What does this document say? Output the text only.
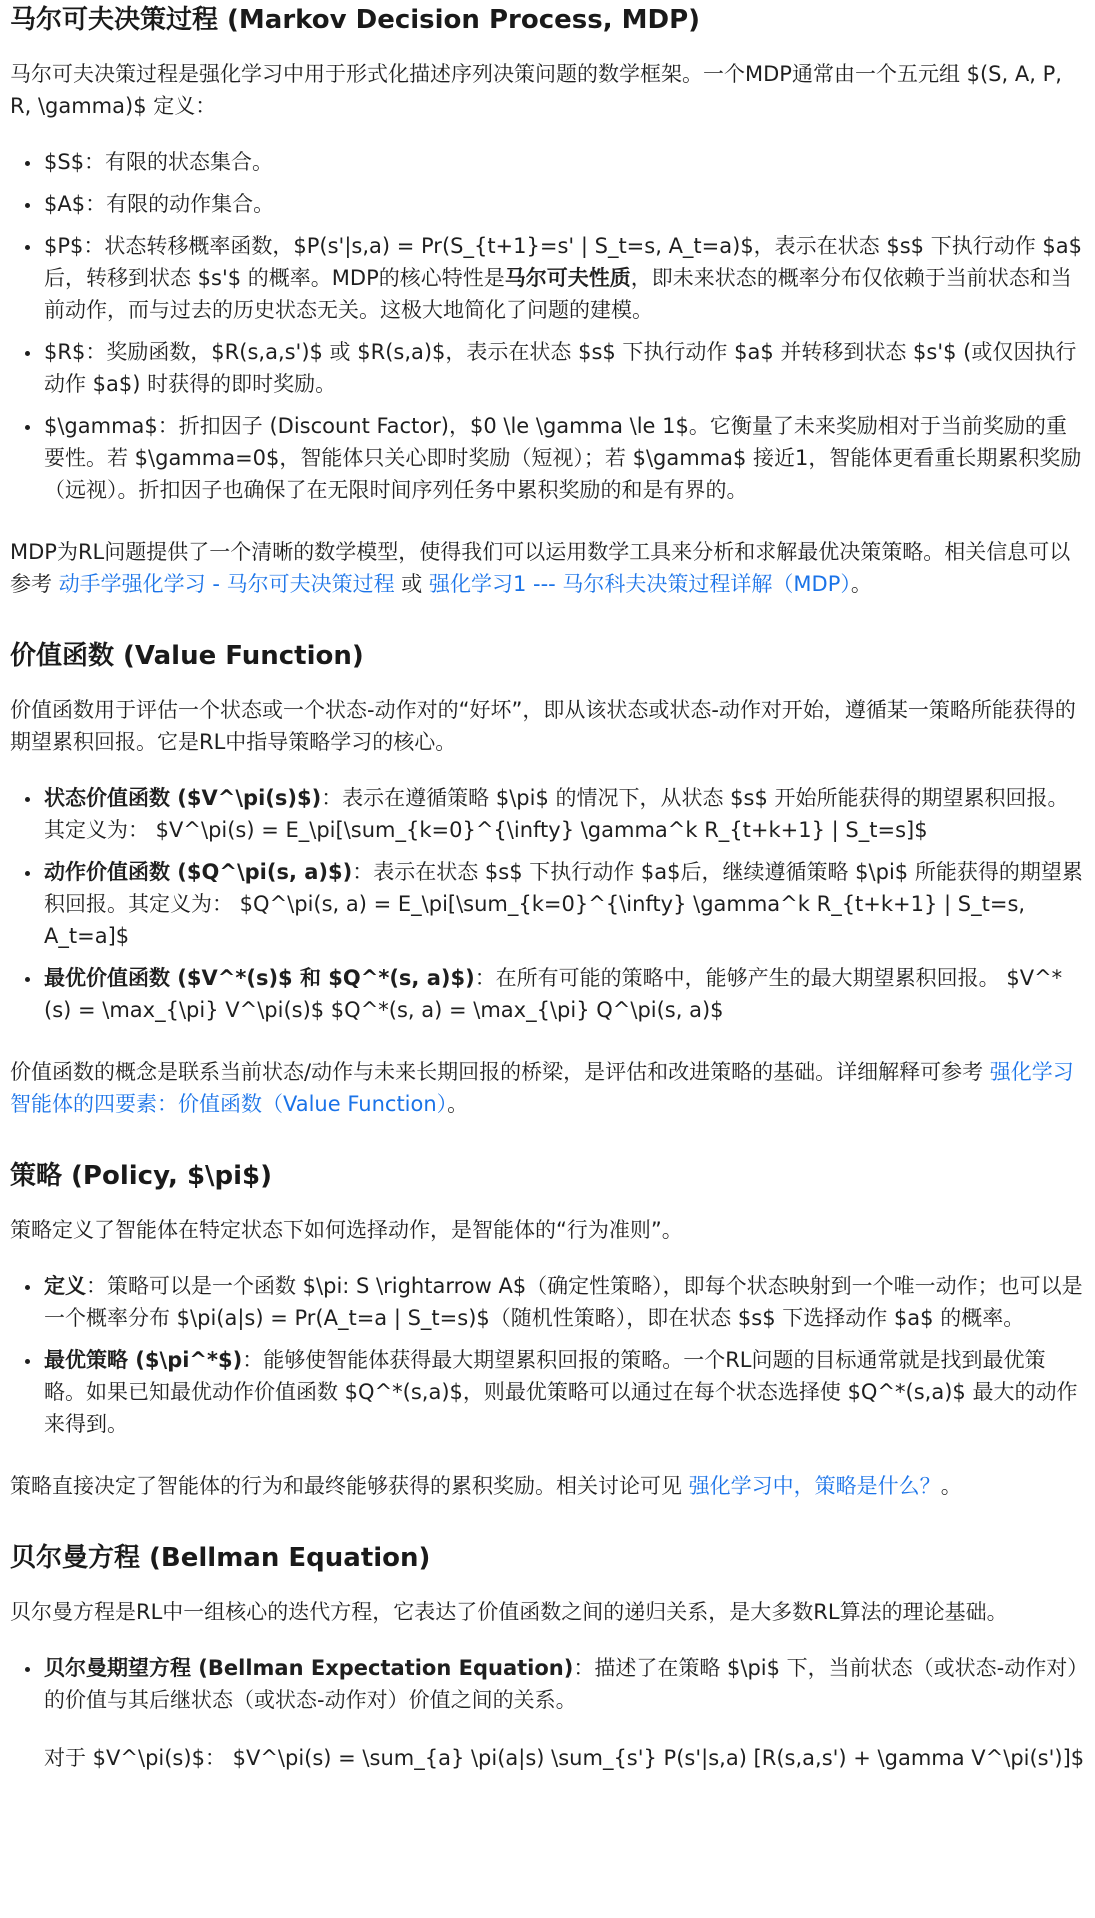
马尔可夫决策过程 (Markov Decision Process, MDP)

马尔可夫决策过程是强化学习中用于形式化描述序列决策问题的数学框架。一个MDP通常由一个五元组 $(S, A, P, R, \gamma)$ 定义：

• $S$：有限的状态集合。
• $A$：有限的动作集合。
• $P$：状态转移概率函数，$P(s'|s,a) = Pr(S_{t+1}=s' | S_t=s, A_t=a)$，表示在状态 $s$ 下执行动作 $a$ 后，转移到状态 $s'$ 的概率。MDP的核心特性是马尔可夫性质，即未来状态的概率分布仅依赖于当前状态和当前动作，而与过去的历史状态无关。这极大地简化了问题的建模。
• $R$：奖励函数，$R(s,a,s')$ 或 $R(s,a)$，表示在状态 $s$ 下执行动作 $a$ 并转移到状态 $s'$ (或仅因执行动作 $a$) 时获得的即时奖励。
• $\gamma$：折扣因子 (Discount Factor)，$0 \le \gamma \le 1$。它衡量了未来奖励相对于当前奖励的重要性。若 $\gamma=0$，智能体只关心即时奖励（短视）；若 $\gamma$ 接近1，智能体更看重长期累积奖励（远视）。折扣因子也确保了在无限时间序列任务中累积奖励的和是有界的。

MDP为RL问题提供了一个清晰的数学模型，使得我们可以运用数学工具来分析和求解最优决策策略。相关信息可以参考 动手学强化学习 - 马尔可夫决策过程 或 强化学习1 --- 马尔科夫决策过程详解（MDP）。

价值函数 (Value Function)

价值函数用于评估一个状态或一个状态-动作对的“好坏”，即从该状态或状态-动作对开始，遵循某一策略所能获得的期望累积回报。它是RL中指导策略学习的核心。

• 状态价值函数 ($V^\pi(s)$)：表示在遵循策略 $\pi$ 的情况下，从状态 $s$ 开始所能获得的期望累积回报。其定义为： $V^\pi(s) = E_\pi[\sum_{k=0}^{\infty} \gamma^k R_{t+k+1} | S_t=s]$
• 动作价值函数 ($Q^\pi(s, a)$)：表示在状态 $s$ 下执行动作 $a$后，继续遵循策略 $\pi$ 所能获得的期望累积回报。其定义为： $Q^\pi(s, a) = E_\pi[\sum_{k=0}^{\infty} \gamma^k R_{t+k+1} | S_t=s, A_t=a]$
• 最优价值函数 ($V^*(s)$ 和 $Q^*(s, a)$)：在所有可能的策略中，能够产生的最大期望累积回报。 $V^*(s) = \max_{\pi} V^\pi(s)$ $Q^*(s, a) = \max_{\pi} Q^\pi(s, a)$

价值函数的概念是联系当前状态/动作与未来长期回报的桥梁，是评估和改进策略的基础。详细解释可参考 强化学习智能体的四要素：价值函数（Value Function）。

策略 (Policy, $\pi$)

策略定义了智能体在特定状态下如何选择动作，是智能体的“行为准则”。

• 定义：策略可以是一个函数 $\pi: S \rightarrow A$（确定性策略），即每个状态映射到一个唯一动作；也可以是一个概率分布 $\pi(a|s) = Pr(A_t=a | S_t=s)$（随机性策略），即在状态 $s$ 下选择动作 $a$ 的概率。
• 最优策略 ($\pi^*$)：能够使智能体获得最大期望累积回报的策略。一个RL问题的目标通常就是找到最优策略。如果已知最优动作价值函数 $Q^*(s,a)$，则最优策略可以通过在每个状态选择使 $Q^*(s,a)$ 最大的动作来得到。

策略直接决定了智能体的行为和最终能够获得的累积奖励。相关讨论可见 强化学习中，策略是什么？。

贝尔曼方程 (Bellman Equation)

贝尔曼方程是RL中一组核心的迭代方程，它表达了价值函数之间的递归关系，是大多数RL算法的理论基础。

• 贝尔曼期望方程 (Bellman Expectation Equation)：描述了在策略 $\pi$ 下，当前状态（或状态-动作对）的价值与其后继状态（或状态-动作对）价值之间的关系。
对于 $V^\pi(s)$： $V^\pi(s) = \sum_{a} \pi(a|s) \sum_{s'} P(s'|s,a) [R(s,a,s') + \gamma V^\pi(s')]$
